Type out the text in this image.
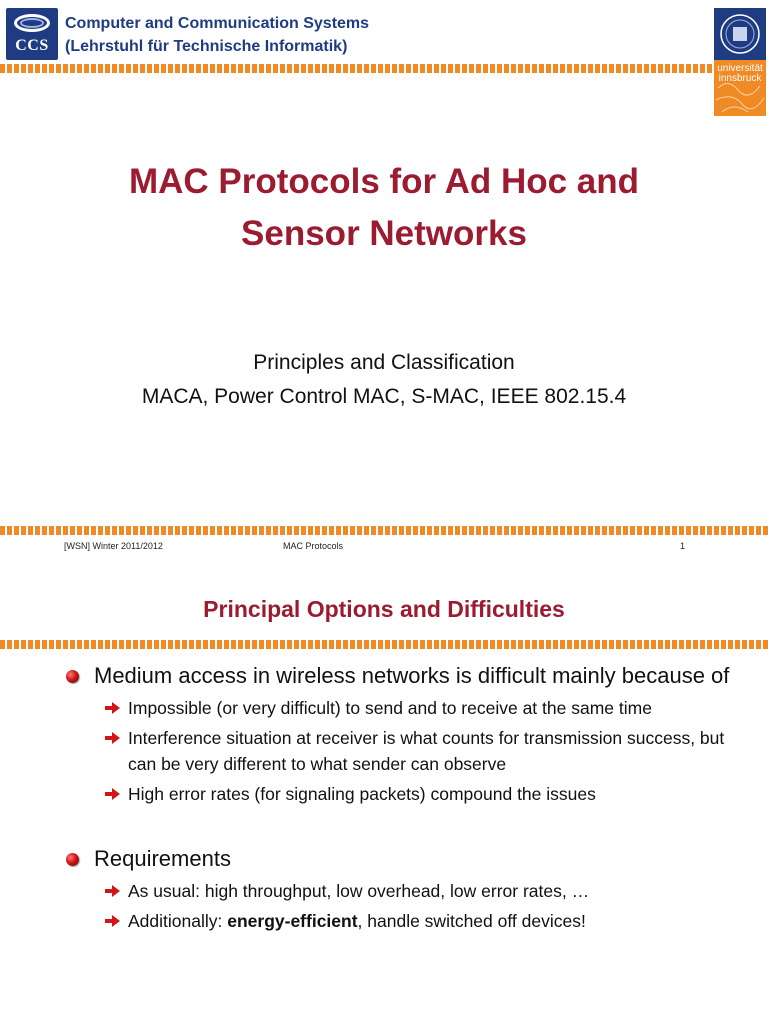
CCS
Computer and Communication Systems
(Lehrstuhl für Technische Informatik)
universität
innsbruck
MAC Protocols for Ad Hoc and
Sensor Networks
Principles and Classification
MACA, Power Control MAC, S-MAC, IEEE 802.15.4
[WSN] Winter 2011/2012	MAC Protocols	1
Principal Options and Difficulties
Medium access in wireless networks is difficult mainly because of
Impossible (or very difficult) to send and to receive at the same time
Interference situation at receiver is what counts for transmission success, but can be very different to what sender can observe
High error rates (for signaling packets) compound the issues
Requirements
As usual: high throughput, low overhead, low error rates, …
Additionally: energy-efficient, handle switched off devices!
